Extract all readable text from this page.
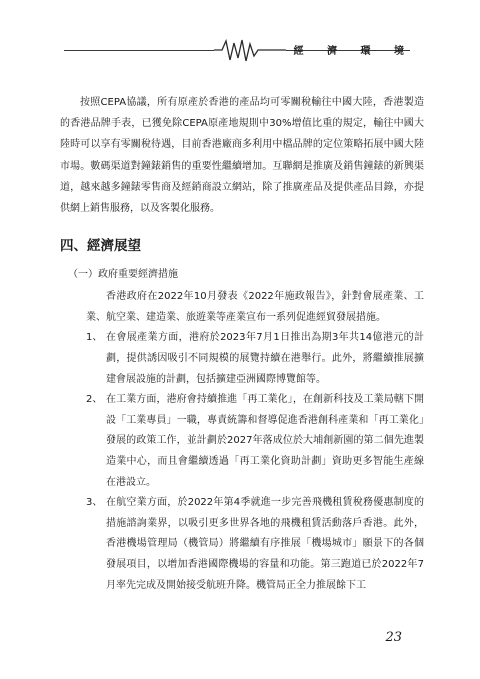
經 濟 環 境

按照CEPA協議，所有原產於香港的產品均可零關稅輸往中國大陸，香港製造的香港品牌手表，已獲免除CEPA原產地規則中30%增值比重的規定，輸往中國大陸時可以享有零關稅待遇，目前香港廠商多利用中檔品牌的定位策略拓展中國大陸市場。數碼渠道對鐘錶銷售的重要性繼續增加。互聯網是推廣及銷售鐘錶的新興渠道，越來越多鐘錶零售商及經銷商設立網站，除了推廣產品及提供產品目錄，亦提供網上銷售服務，以及客製化服務。

四、經濟展望
（一）政府重要經濟措施

香港政府在2022年10月發表《2022年施政報告》，針對會展產業、工業、航空業、建造業、旅遊業等產業宣布一系列促進經貿發展措施。

1、 在會展產業方面，港府於2023年7月1日推出為期3年共14億港元的計劃，提供誘因吸引不同規模的展覽持續在港舉行。此外，將繼續推展擴建會展設施的計劃，包括擴建亞洲國際博覽館等。
2、 在工業方面，港府會持續推進「再工業化」，在創新科技及工業局轄下開設「工業專員」一職，專責統籌和督導促進香港創科產業和「再工業化」發展的政策工作，並計劃於2027年落成位於大埔創新園的第二個先進製造業中心，而且會繼續透過「再工業化資助計劃」資助更多智能生產線在港設立。
3、 在航空業方面，於2022年第4季就進一步完善飛機租賃稅務優惠制度的措施諮詢業界，以吸引更多世界各地的飛機租賃活動落戶香港。此外，香港機場管理局（機管局）將繼續有序推展「機場城市」願景下的各個發展項目，以增加香港國際機場的容量和功能。第三跑道已於2022年7月率先完成及開始接受航班升降。機管局正全力推展餘下工
23
